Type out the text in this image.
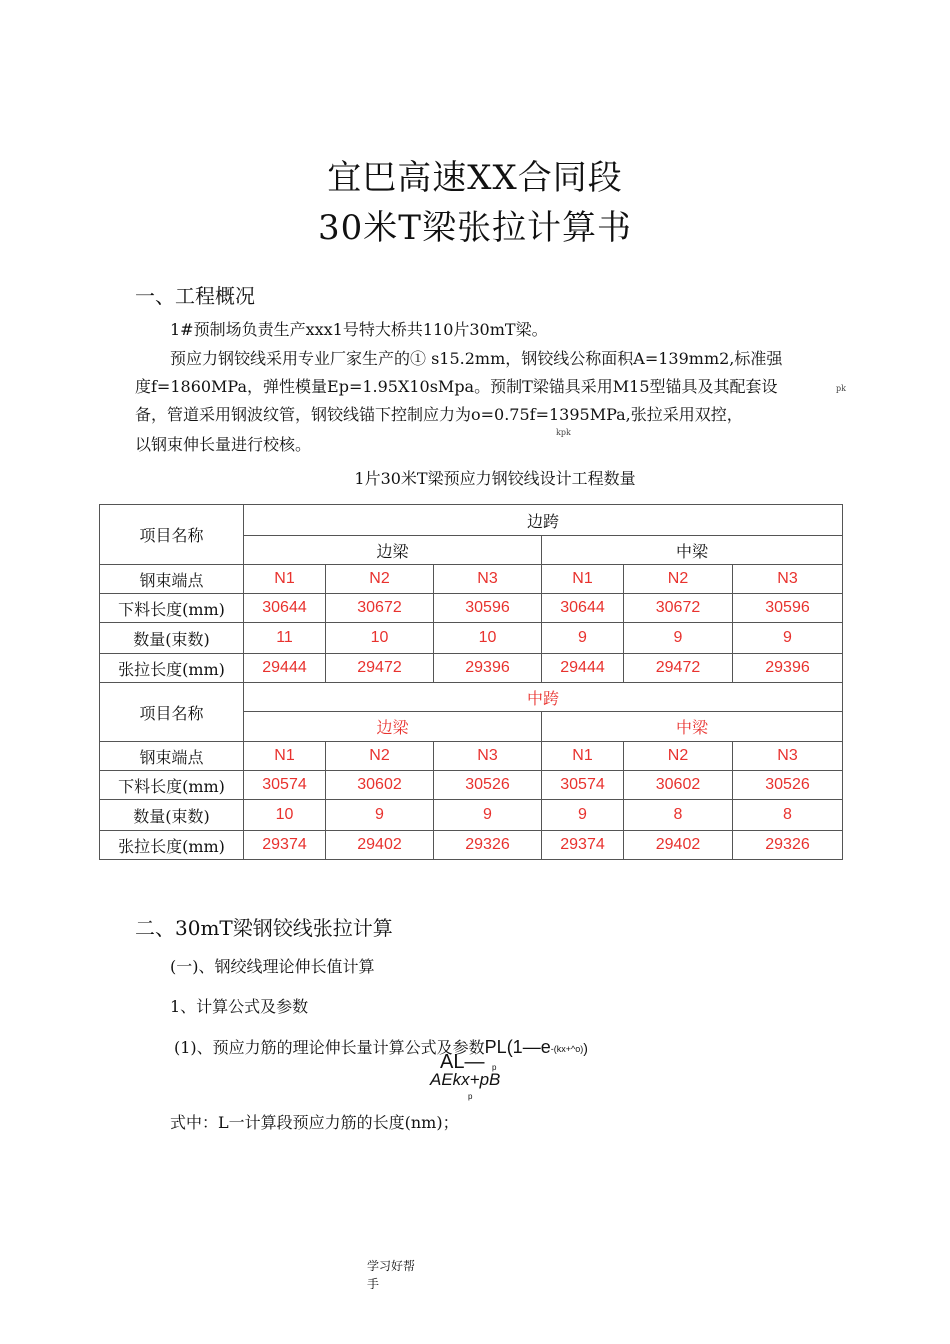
宜巴高速XX合同段
30米T梁张拉计算书
一、工程概况
1#预制场负责生产xxx1号特大桥共110片30mT梁。
预应力钢铰线采用专业厂家生产的① s15.2mm，钢铰线公称面积A=139mm2,标准强
度f=1860MPa，弹性模量Ep=1.95X10sMpa。预制T梁锚具采用M15型锚具及其配套设	pk
备，管道采用钢波纹管，钢铰线锚下控制应力为o=0.75f=1395MPa,张拉采用双控，
kpk
以钢束伸长量进行校核。
1片30米T梁预应力钢铰线设计工程数量
项目名称	边跨					
	边梁			中梁		
钢束端点	N1	N2	N3	N1	N2	N3
下料长度(mm)	30644	30672	30596	30644	30672	30596
数量(束数)	11	10	10	9	9	9
张拉长度(mm)	29444	29472	29396	29444	29472	29396
项目名称	中跨					
	边梁			中梁		
钢束端点	N1	N2	N3	N1	N2	N3
下料长度(mm)	30574	30602	30526	30574	30602	30526
数量(束数)	10	9	9	9	8	8
张拉长度(mm)	29374	29402	29326	29374	29402	29326
二、30mT梁钢铰线张拉计算
(一)、钢绞线理论伸长值计算
1、计算公式及参数
(1)、预应力筋的理论伸长量计算公式及参数PL(1—e-(kx+^o))
AL— p
AEkx+pB
p
式中：L一计算段预应力筋的长度(nm)；
学习好帮
手
